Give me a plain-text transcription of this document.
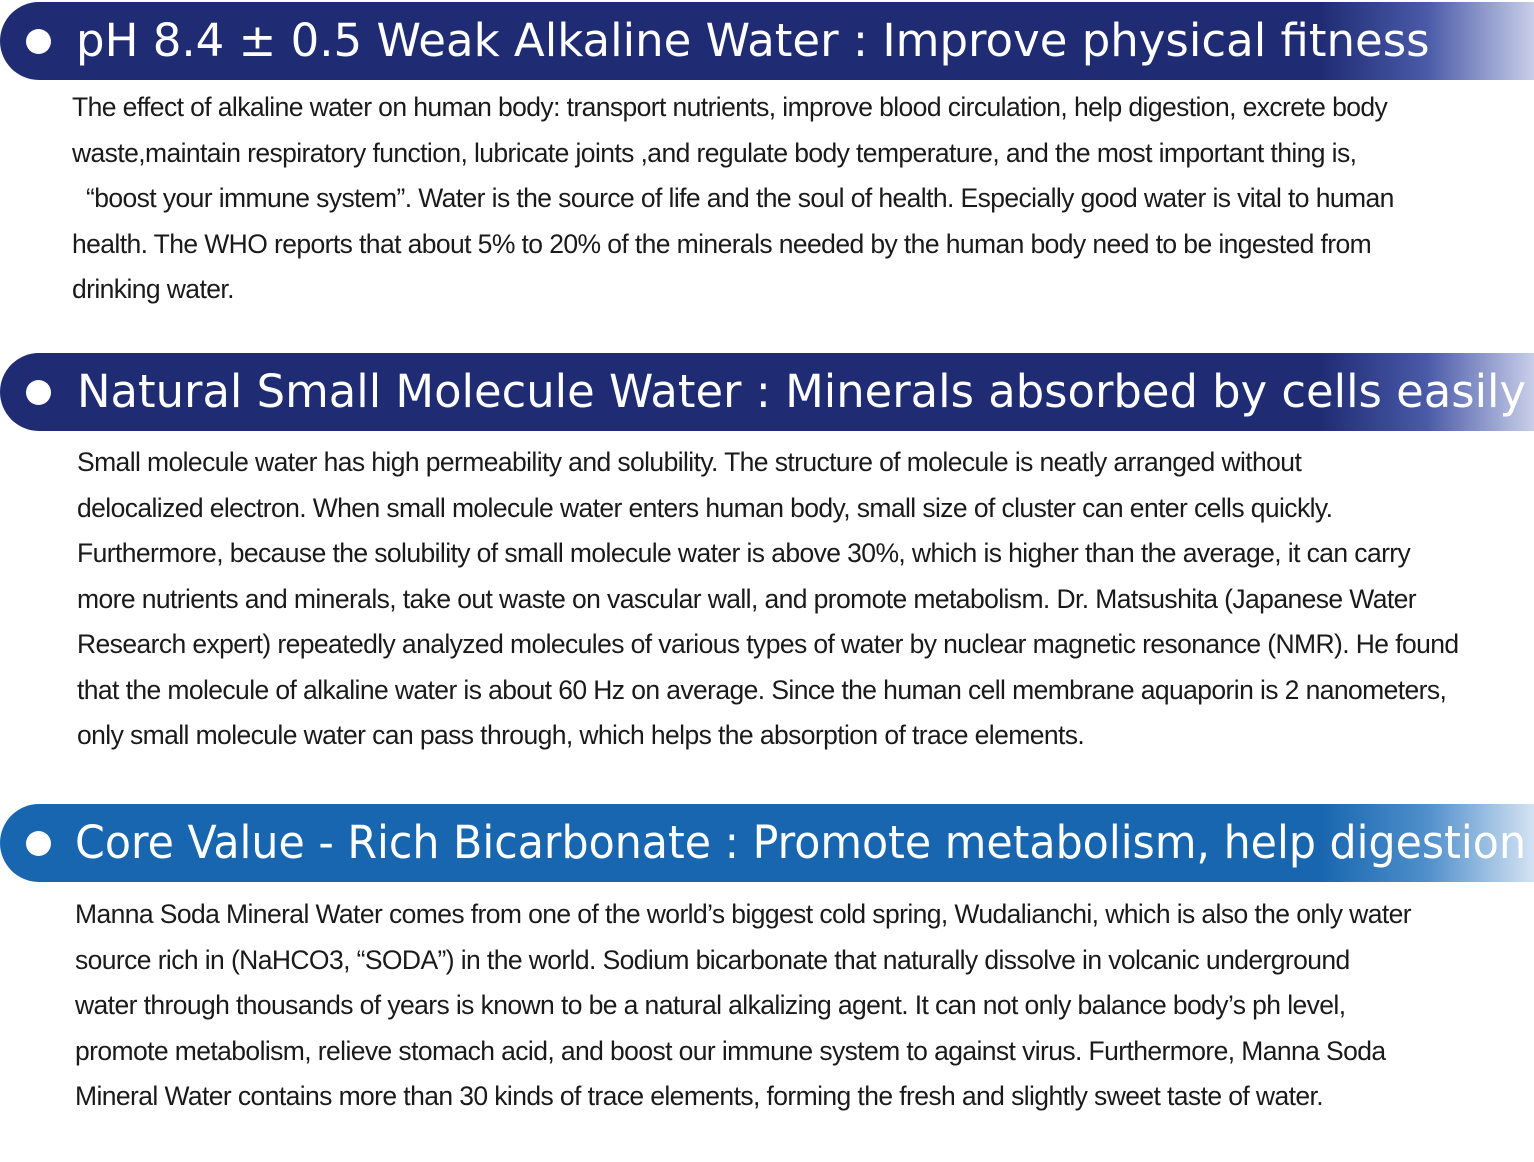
pH 8.4 ± 0.5 Weak Alkaline Water : Improve physical fitness
The effect of alkaline water on human body: transport nutrients, improve blood circulation, help digestion, excrete body
waste,maintain respiratory function, lubricate joints ,and regulate body temperature, and the most important thing is,
“boost your immune system”. Water is the source of life and the soul of health. Especially good water is vital to human
health. The WHO reports that about 5% to 20% of the minerals needed by the human body need to be ingested from
drinking water.
Natural Small Molecule Water : Minerals absorbed by cells easily
Small molecule water has high permeability and solubility. The structure of molecule is neatly arranged without
delocalized electron. When small molecule water enters human body, small size of cluster can enter cells quickly.
Furthermore, because the solubility of small molecule water is above 30%, which is higher than the average, it can carry
more nutrients and minerals, take out waste on vascular wall, and promote metabolism. Dr. Matsushita (Japanese Water
Research expert) repeatedly analyzed molecules of various types of water by nuclear magnetic resonance (NMR). He found
that the molecule of alkaline water is about 60 Hz on average. Since the human cell membrane aquaporin is 2 nanometers,
only small molecule water can pass through, which helps the absorption of trace elements.
Core Value - Rich Bicarbonate : Promote metabolism, help digestion
Manna Soda Mineral Water comes from one of the world’s biggest cold spring, Wudalianchi, which is also the only water
source rich in (NaHCO3, “SODA”) in the world. Sodium bicarbonate that naturally dissolve in volcanic underground
water through thousands of years is known to be a natural alkalizing agent. It can not only balance body’s ph level,
promote metabolism, relieve stomach acid, and boost our immune system to against virus. Furthermore, Manna Soda
Mineral Water contains more than 30 kinds of trace elements, forming the fresh and slightly sweet taste of water.
